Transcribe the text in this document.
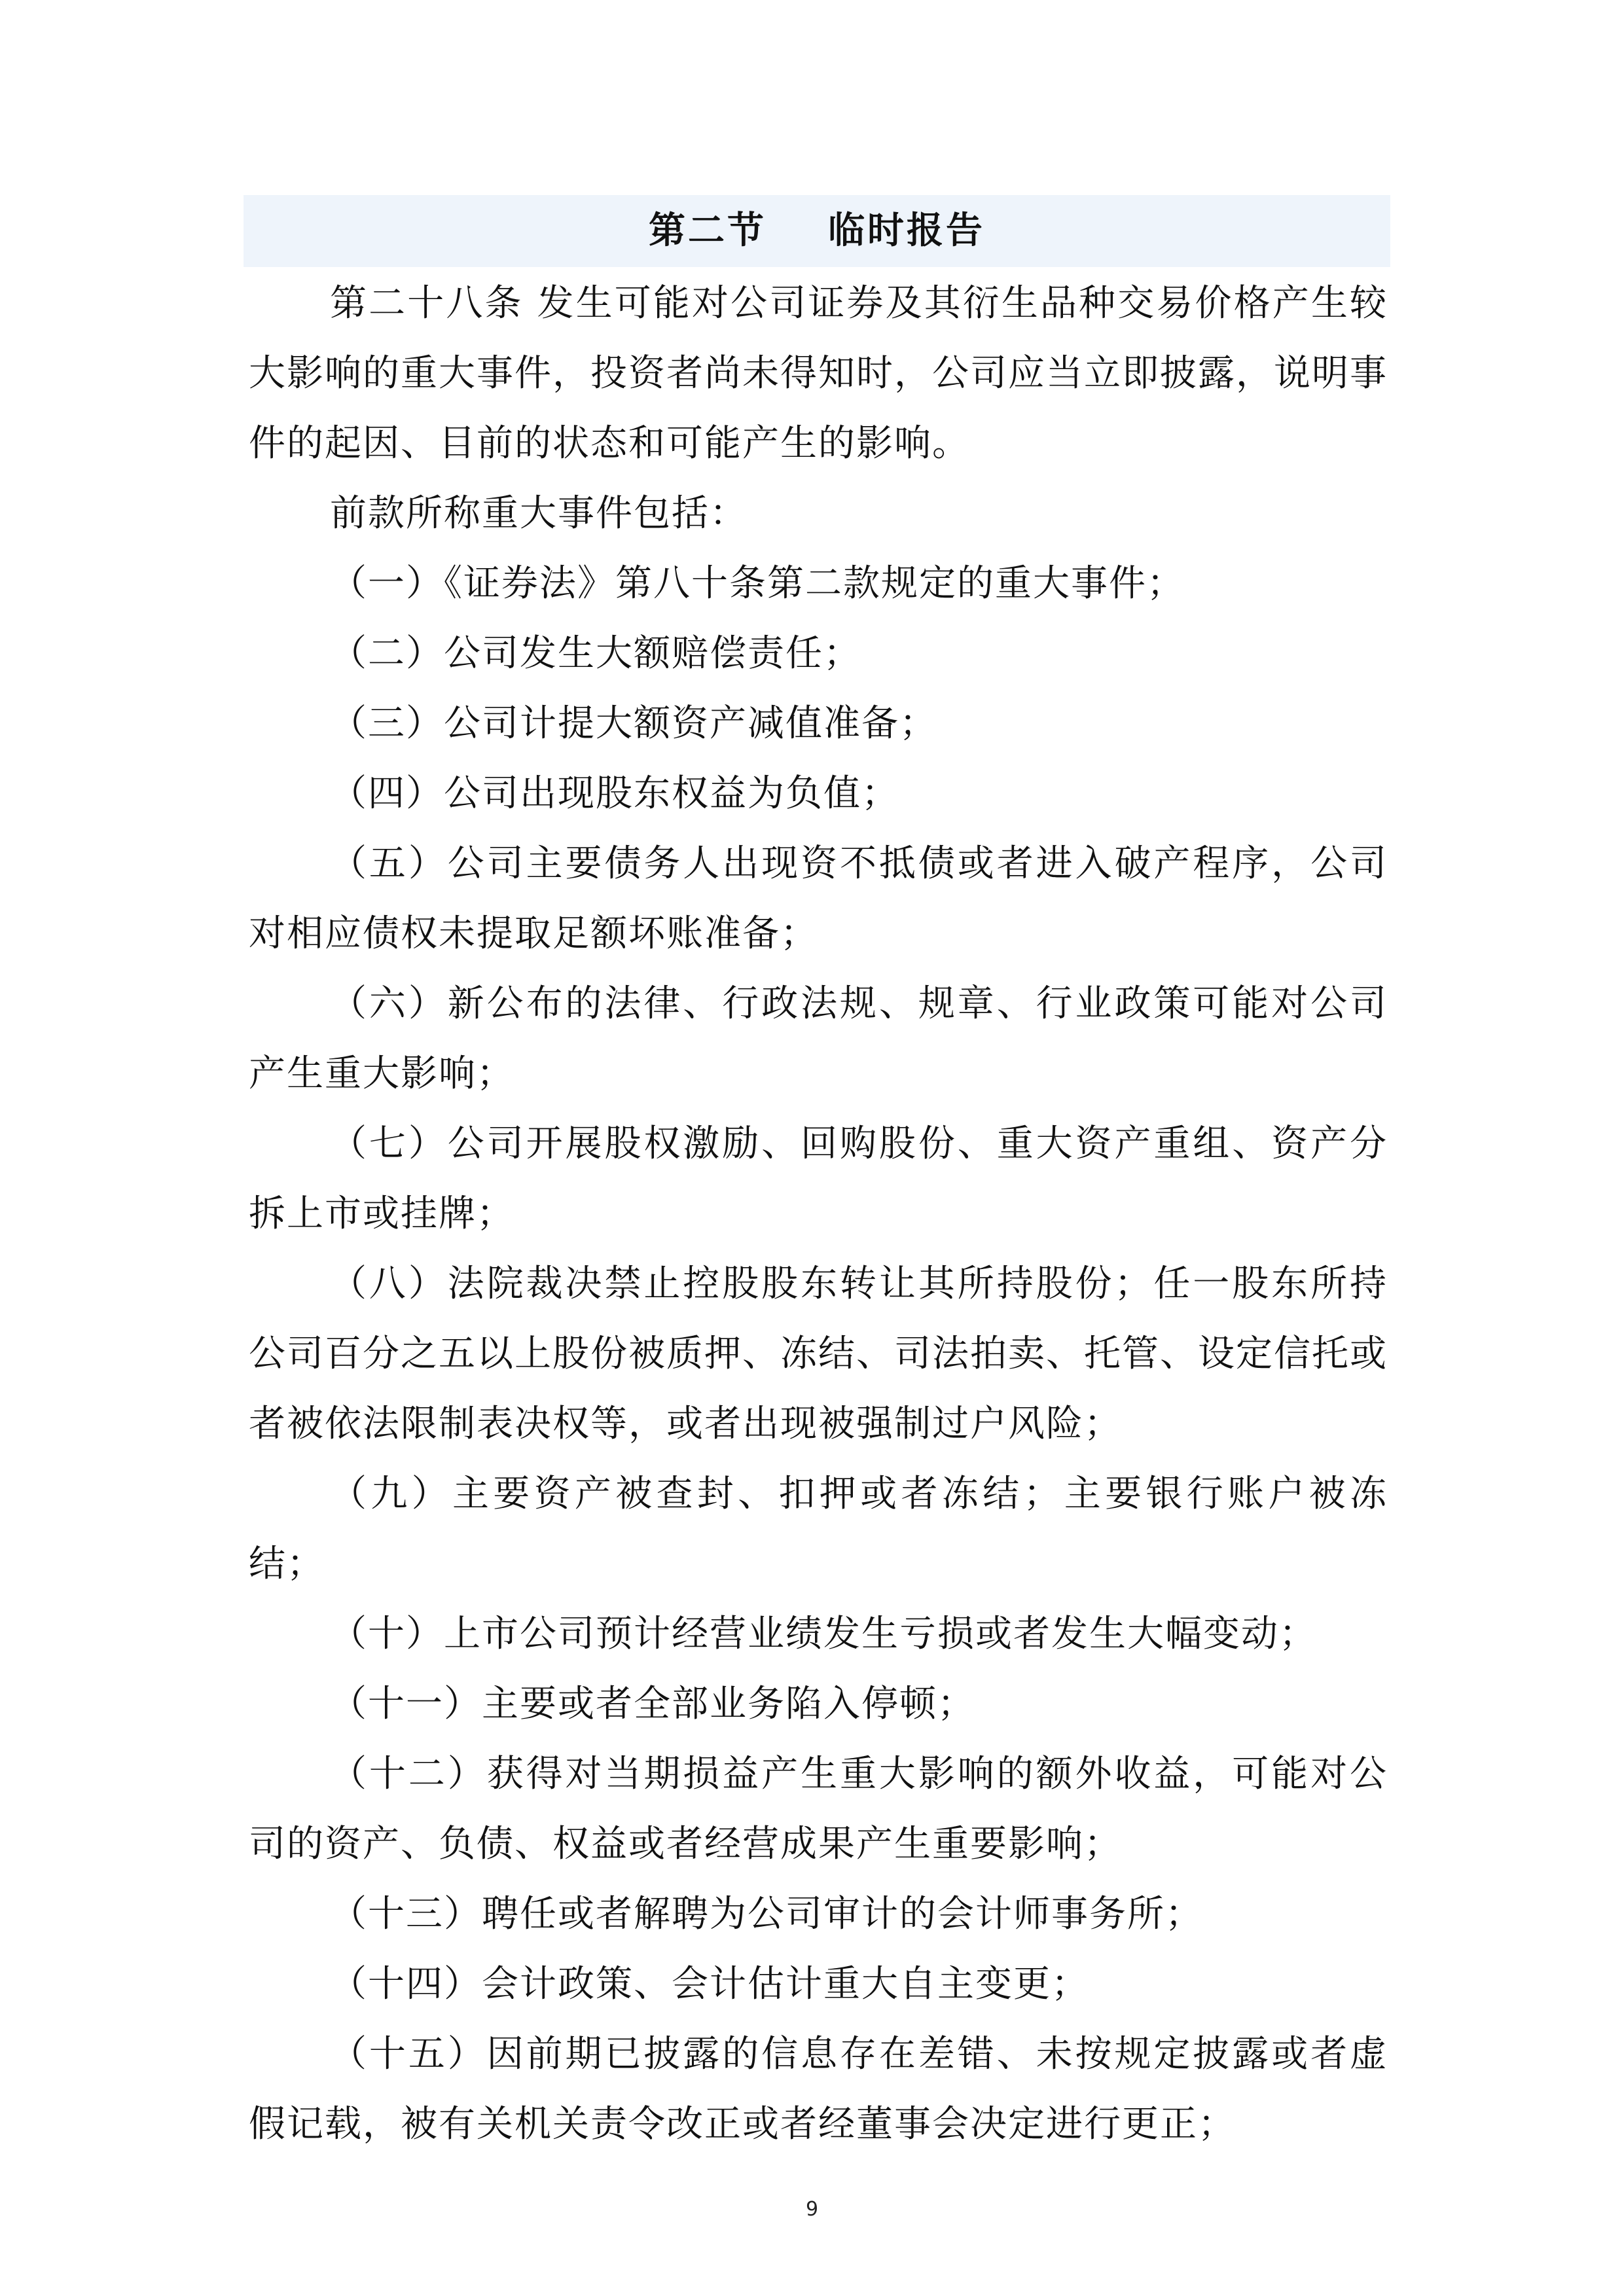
第二节    临时报告

第二十八条 发生可能对公司证券及其衍生品种交易价格产生较大影响的重大事件，投资者尚未得知时，公司应当立即披露，说明事件的起因、目前的状态和可能产生的影响。

前款所称重大事件包括：

（一）《证券法》第八十条第二款规定的重大事件；

（二）公司发生大额赔偿责任；

（三）公司计提大额资产减值准备；

（四）公司出现股东权益为负值；

（五）公司主要债务人出现资不抵债或者进入破产程序，公司对相应债权未提取足额坏账准备；

（六）新公布的法律、行政法规、规章、行业政策可能对公司产生重大影响；

（七）公司开展股权激励、回购股份、重大资产重组、资产分拆上市或挂牌；

（八）法院裁决禁止控股股东转让其所持股份；任一股东所持公司百分之五以上股份被质押、冻结、司法拍卖、托管、设定信托或者被依法限制表决权等，或者出现被强制过户风险；

（九）主要资产被查封、扣押或者冻结；主要银行账户被冻结；

（十）上市公司预计经营业绩发生亏损或者发生大幅变动；

（十一）主要或者全部业务陷入停顿；

（十二）获得对当期损益产生重大影响的额外收益，可能对公司的资产、负债、权益或者经营成果产生重要影响；

（十三）聘任或者解聘为公司审计的会计师事务所；

（十四）会计政策、会计估计重大自主变更；

（十五）因前期已披露的信息存在差错、未按规定披露或者虚假记载，被有关机关责令改正或者经董事会决定进行更正；

9
